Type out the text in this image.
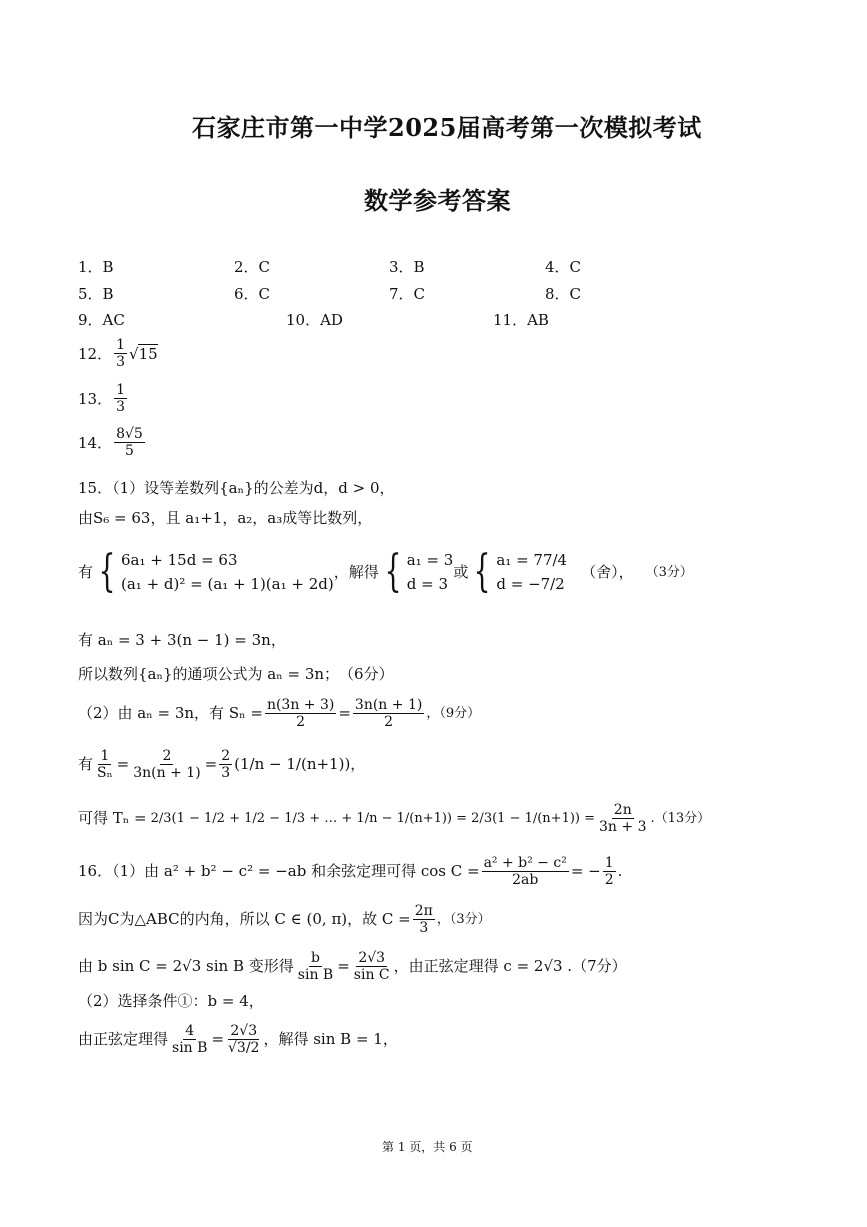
石家庄市第一中学2025届高考第一次模拟考试
数学参考答案
1．B	2．C	3．B	4．C
5．B	6．C	7．C	8．C
9．AC	10．AD	11．AB
12． $\frac{1}{3}$ √ 15
13． $\frac{1}{3}$
14． $\frac{8√5}{5}$
15．（1）设等差数列{aₙ}的公差为d，d > 0，
由S₆ = 63，且 a₁+1，a₂，a₃成等比数列，
有 { 6a₁ + 15d = 63
(a₁ + d)² = (a₁ + 1)(a₁ + 2d)
，解得 { a₁ = 3
d = 3
或 { a₁ = 77/4
d = −7/2
（舍）， （3分）
有 aₙ = 3 + 3(n − 1) = 3n，
所以数列{aₙ}的通项公式为 aₙ = 3n；　（6分）
（2）由 aₙ = 3n，有 $S_n = \frac{n(3n + 3)}{2} = \frac{3n(n + 1)}{2}$ ，（9分）
有 $\frac{1}{\text{Sₙ}} = \frac{2}{3n(n + 1)} = \frac{2}{3} (1/n - 1/(n+1))$，
可得 Tₙ = 2/3(1 − 1/2 + 1/2 − 1/3 + … + $1/n - 1/(n+1)) = 2/3(1 - 1/(n+1)) = \frac{2n}{3n + 3} .(13$分）
16．（1）由 a² + b² − c² = −ab 和余弦定理可得 $\cos C = \frac{\text{a² + b² − c²}}{2ab}$ = − $\frac{1}{2}$ .
因为C为△ABC的内角，所以 C ∈ (0, π)，故 $C = \frac{2\pi}{3}$ ，（3分）
由 b sin C = 2√3 sin B 变形得 $\frac{b}{\text{sin B}} = \frac{2√3}{\text{sin C}}$ ，由正弦定理得 c = 2√3 .（7分）
（2）选择条件①：b = 4，
由正弦定理得 $\frac{4}{\text{sin B}} = \frac{2√3}{√3/2}$ ，解得 sin B = 1，
第 1 页，共 6 页
